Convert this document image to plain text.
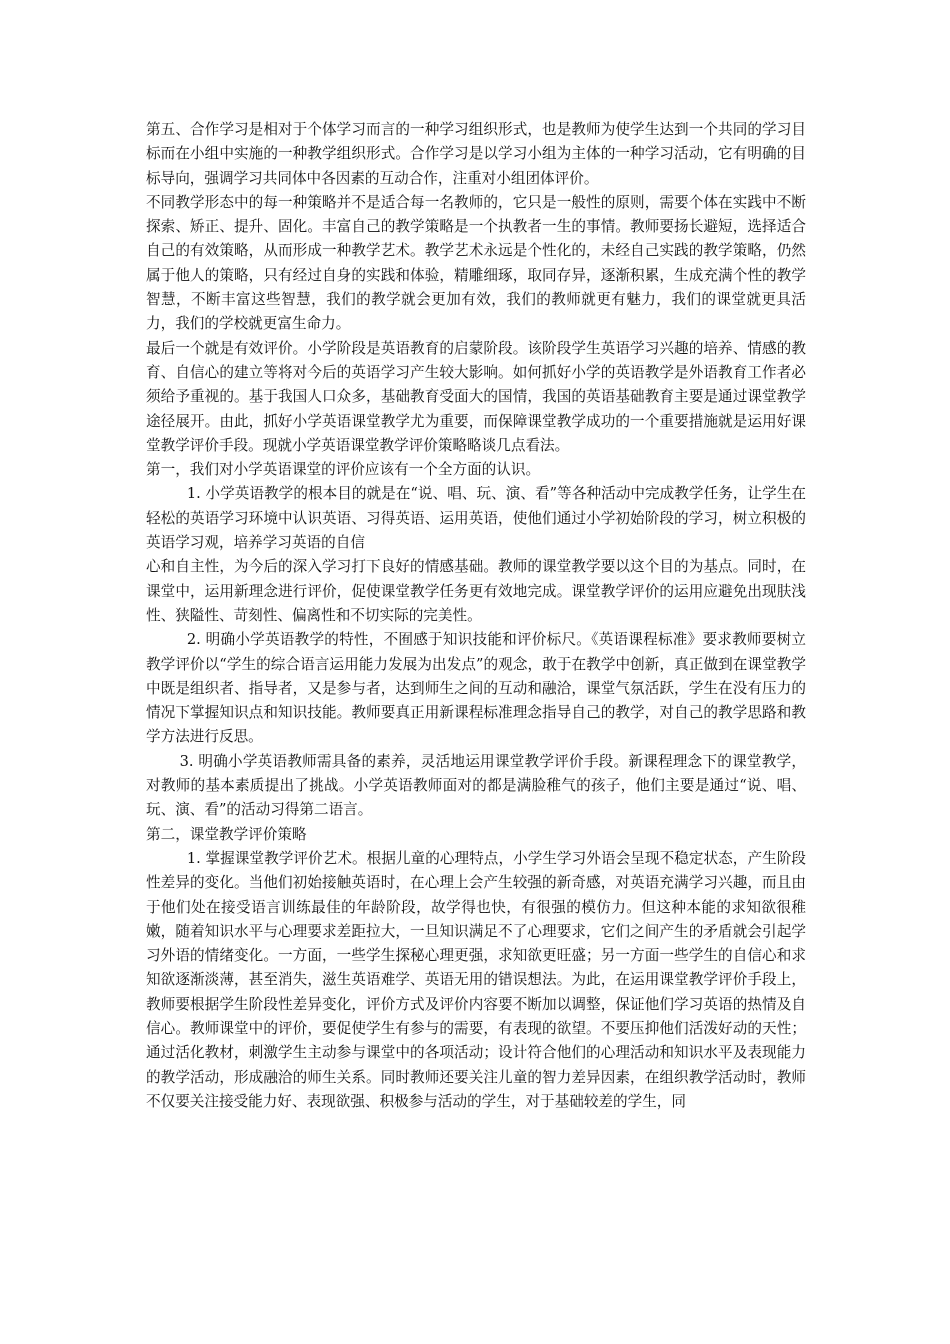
第五、合作学习是相对于个体学习而言的一种学习组织形式，也是教师为使学生达到一个共同的学习目标而在小组中实施的一种教学组织形式。合作学习是以学习小组为主体的一种学习活动，它有明确的目标导向，强调学习共同体中各因素的互动合作，注重对小组团体评价。

不同教学形态中的每一种策略并不是适合每一名教师的，它只是一般性的原则，需要个体在实践中不断探索、矫正、提升、固化。丰富自己的教学策略是一个执教者一生的事情。教师要扬长避短，选择适合自己的有效策略，从而形成一种教学艺术。教学艺术永远是个性化的，未经自己实践的教学策略，仍然属于他人的策略，只有经过自身的实践和体验，精雕细琢，取同存异，逐渐积累，生成充满个性的教学智慧，不断丰富这些智慧，我们的教学就会更加有效，我们的教师就更有魅力，我们的课堂就更具活力，我们的学校就更富生命力。

最后一个就是有效评价。小学阶段是英语教育的启蒙阶段。该阶段学生英语学习兴趣的培养、情感的教育、自信心的建立等将对今后的英语学习产生较大影响。如何抓好小学的英语教学是外语教育工作者必须给予重视的。基于我国人口众多，基础教育受面大的国情，我国的英语基础教育主要是通过课堂教学途径展开。由此，抓好小学英语课堂教学尤为重要，而保障课堂教学成功的一个重要措施就是运用好课堂教学评价手段。现就小学英语课堂教学评价策略略谈几点看法。

第一，我们对小学英语课堂的评价应该有一个全方面的认识。

1. 小学英语教学的根本目的就是在“说、唱、玩、演、看”等各种活动中完成教学任务，让学生在轻松的英语学习环境中认识英语、习得英语、运用英语，使他们通过小学初始阶段的学习，树立积极的英语学习观，培养学习英语的自信

心和自主性，为今后的深入学习打下良好的情感基础。教师的课堂教学要以这个目的为基点。同时，在课堂中，运用新理念进行评价，促使课堂教学任务更有效地完成。课堂教学评价的运用应避免出现肤浅性、狭隘性、苛刻性、偏离性和不切实际的完美性。

2. 明确小学英语教学的特性，不囿感于知识技能和评价标尺。《英语课程标准》要求教师要树立教学评价以“学生的综合语言运用能力发展为出发点”的观念，敢于在教学中创新，真正做到在课堂教学中既是组织者、指导者，又是参与者，达到师生之间的互动和融洽，课堂气氛活跃，学生在没有压力的情况下掌握知识点和知识技能。教师要真正用新课程标准理念指导自己的教学，对自己的教学思路和教学方法进行反思。

3. 明确小学英语教师需具备的素养，灵活地运用课堂教学评价手段。新课程理念下的课堂教学，对教师的基本素质提出了挑战。小学英语教师面对的都是满脸稚气的孩子，他们主要是通过“说、唱、玩、演、看”的活动习得第二语言。

第二，课堂教学评价策略

1. 掌握课堂教学评价艺术。根据儿童的心理特点，小学生学习外语会呈现不稳定状态，产生阶段性差异的变化。当他们初始接触英语时，在心理上会产生较强的新奇感，对英语充满学习兴趣，而且由于他们处在接受语言训练最佳的年龄阶段，故学得也快，有很强的模仿力。但这种本能的求知欲很稚嫩，随着知识水平与心理要求差距拉大，一旦知识满足不了心理要求，它们之间产生的矛盾就会引起学习外语的情绪变化。一方面，一些学生探秘心理更强，求知欲更旺盛；另一方面一些学生的自信心和求知欲逐渐淡薄，甚至消失，滋生英语难学、英语无用的错误想法。为此，在运用课堂教学评价手段上，教师要根据学生阶段性差异变化，评价方式及评价内容要不断加以调整，保证他们学习英语的热情及自信心。教师课堂中的评价，要促使学生有参与的需要，有表现的欲望。不要压抑他们活泼好动的天性；通过活化教材，刺激学生主动参与课堂中的各项活动；设计符合他们的心理活动和知识水平及表现能力的教学活动，形成融洽的师生关系。同时教师还要关注儿童的智力差异因素，在组织教学活动时，教师不仅要关注接受能力好、表现欲强、积极参与活动的学生，对于基础较差的学生，同
